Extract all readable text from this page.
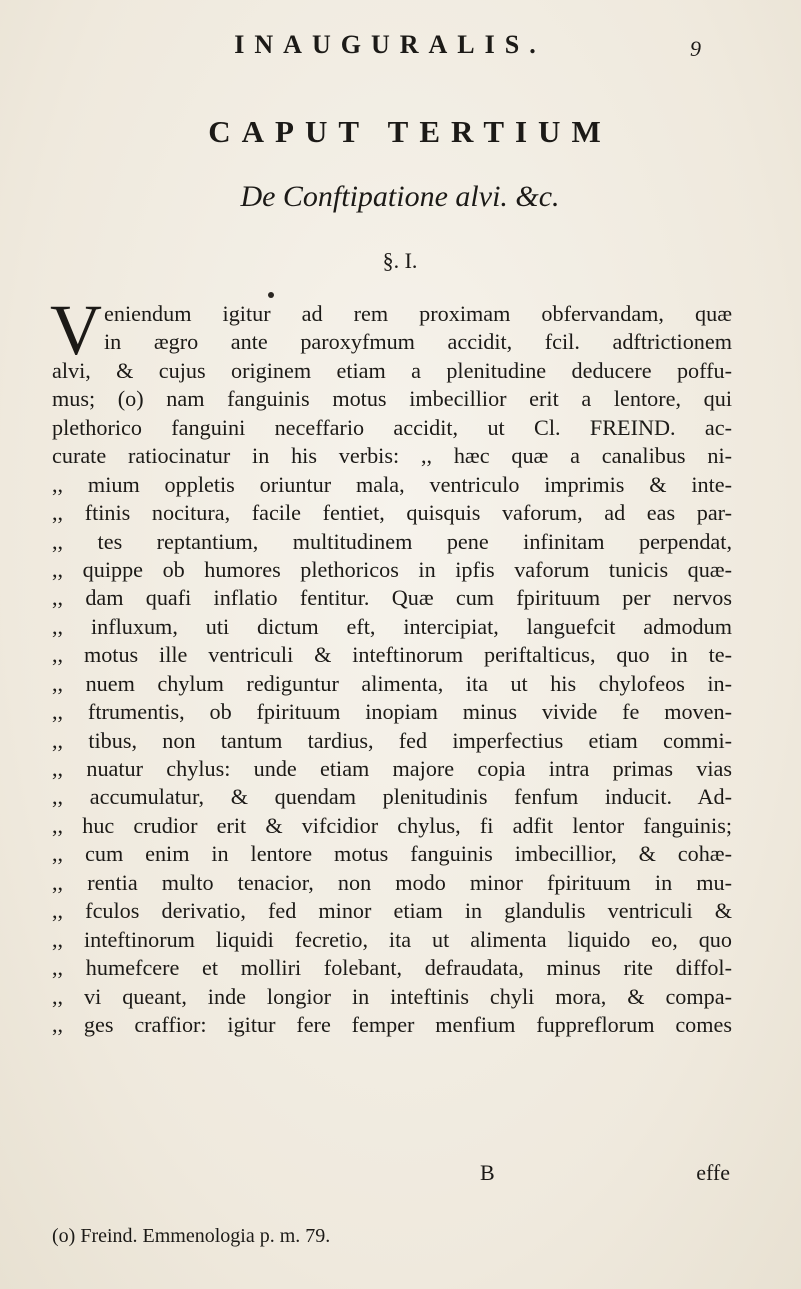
INAUGURALIS.	9
CAPUT TERTIUM
De Conftipatione alvi. &c.
§. I.
V eniendum igitur ad rem proximam obfervandam, quæ
in ægro ante paroxyfmum accidit, fcil. adftrictionem
alvi, & cujus originem etiam a plenitudine deducere poffu-
mus; (o) nam fanguinis motus imbecillior erit a lentore, qui
plethorico fanguini neceffario accidit, ut Cl. FREIND. ac-
curate ratiocinatur in his verbis: ,, hæc quæ a canalibus ni-
,, mium oppletis oriuntur mala, ventriculo imprimis & inte-
,, ftinis nocitura, facile fentiet, quisquis vaforum, ad eas par-
,, tes reptantium, multitudinem pene infinitam perpendat,
,, quippe ob humores plethoricos in ipfis vaforum tunicis quæ-
,, dam quafi inflatio fentitur. Quæ cum fpirituum per nervos
,, influxum, uti dictum eft, intercipiat, languefcit admodum
,, motus ille ventriculi & inteftinorum periftalticus, quo in te-
,, nuem chylum rediguntur alimenta, ita ut his chylofeos in-
,, ftrumentis, ob fpirituum inopiam minus vivide fe moven-
,, tibus, non tantum tardius, fed imperfectius etiam commi-
,, nuatur chylus: unde etiam majore copia intra primas vias
,, accumulatur, & quendam plenitudinis fenfum inducit. Ad-
,, huc crudior erit & vifcidior chylus, fi adfit lentor fanguinis;
,, cum enim in lentore motus fanguinis imbecillior, & cohæ-
,, rentia multo tenacior, non modo minor fpirituum in mu-
,, fculos derivatio, fed minor etiam in glandulis ventriculi &
,, inteftinorum liquidi fecretio, ita ut alimenta liquido eo, quo
,, humefcere et molliri folebant, defraudata, minus rite diffol-
,, vi queant, inde longior in inteftinis chyli mora, & compa-
,, ges craffior: igitur fere femper menfium fuppreflorum comes
B	effe
(o) Freind. Emmenologia p. m. 79.
